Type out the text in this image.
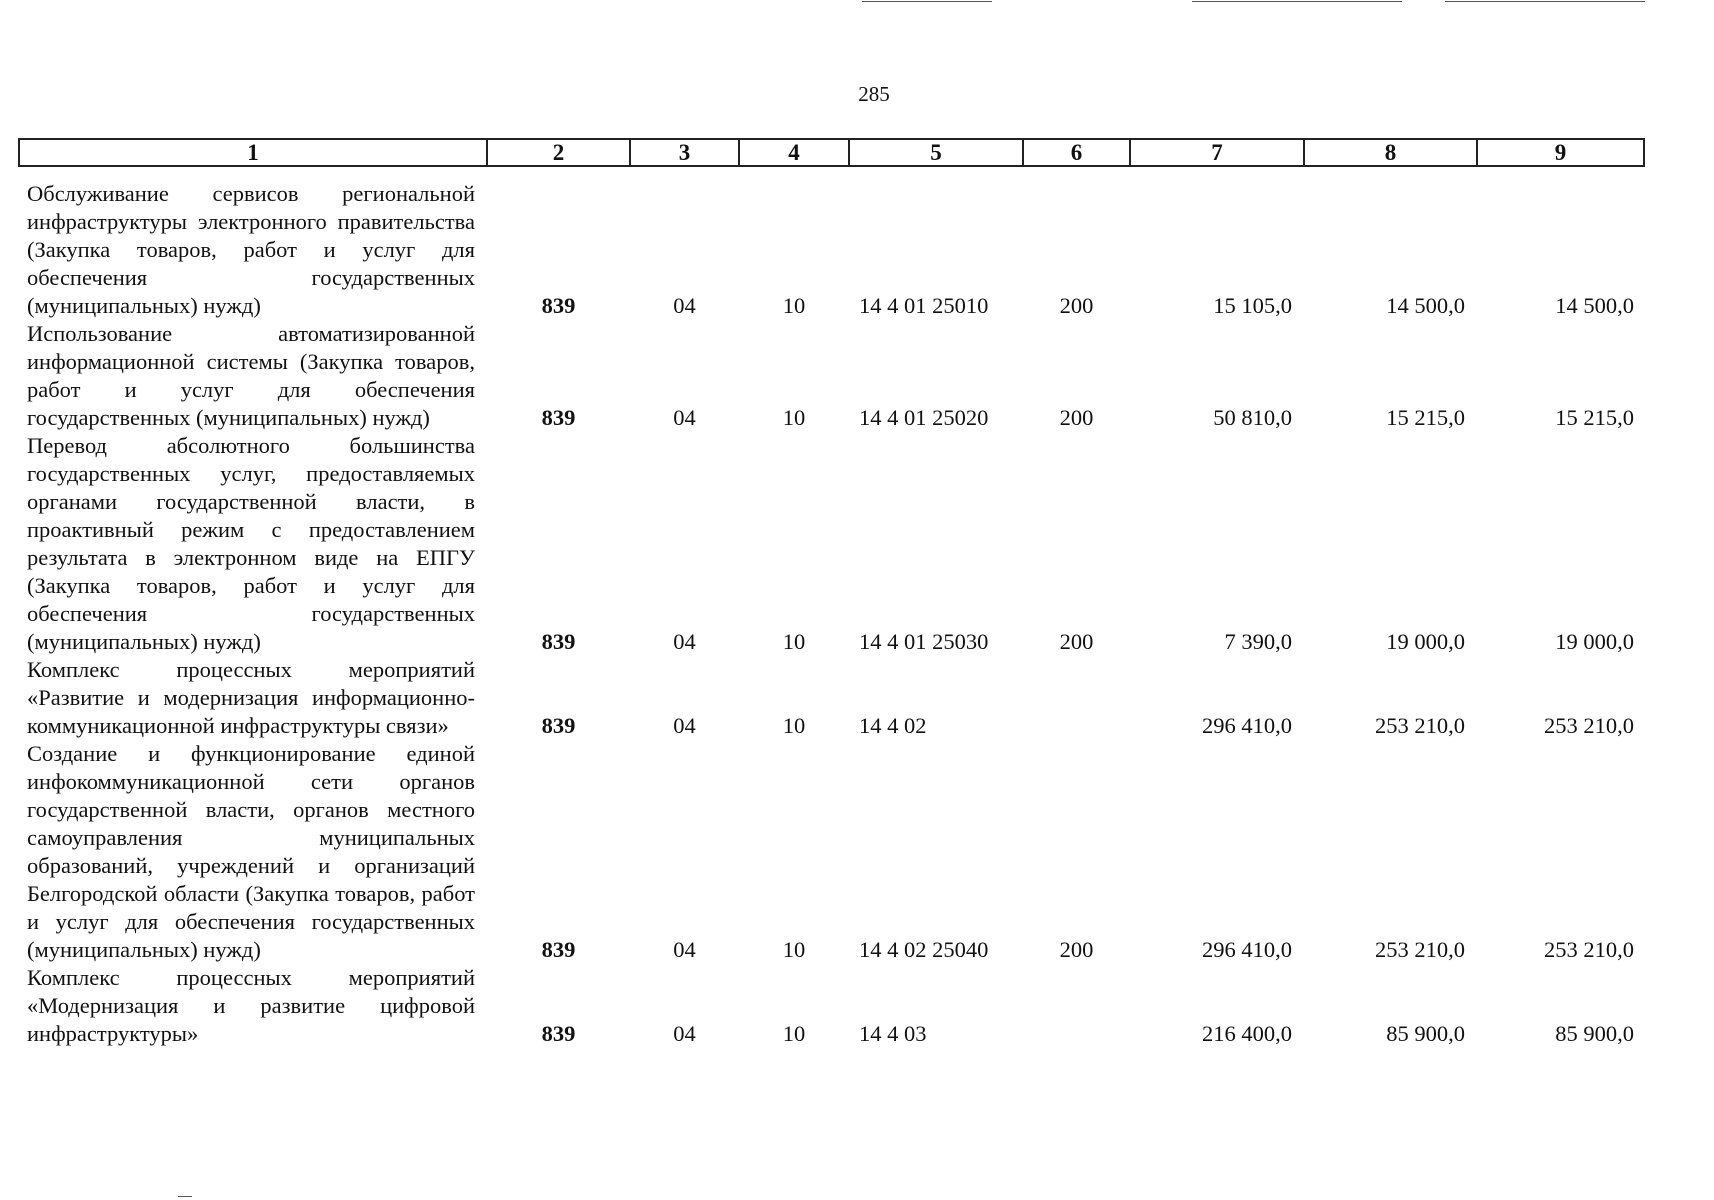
285
1	2	3	4	5	6	7	8	9
Обслуживание сервисов региональной инфраструктуры электронного правительства (Закупка товаров, работ и услуг для обеспечения государственных (муниципальных) нужд)	839	04	10	14 4 01 25010	200	15 105,0	14 500,0	14 500,0
Использование автоматизированной информационной системы (Закупка товаров, работ и услуг для обеспечения государственных (муниципальных) нужд)	839	04	10	14 4 01 25020	200	50 810,0	15 215,0	15 215,0
Перевод абсолютного большинства государственных услуг, предоставляемых органами государственной власти, в проактивный режим с предоставлением результата в электронном виде на ЕПГУ (Закупка товаров, работ и услуг для обеспечения государственных (муниципальных) нужд)	839	04	10	14 4 01 25030	200	7 390,0	19 000,0	19 000,0
Комплекс процессных мероприятий «Развитие и модернизация информационно-коммуникационной инфраструктуры связи»	839	04	10	14 4 02		296 410,0	253 210,0	253 210,0
Создание и функционирование единой инфокоммуникационной сети органов государственной власти, органов местного самоуправления муниципальных образований, учреждений и организаций Белгородской области (Закупка товаров, работ и услуг для обеспечения государственных (муниципальных) нужд)	839	04	10	14 4 02 25040	200	296 410,0	253 210,0	253 210,0
Комплекс процессных мероприятий «Модернизация и развитие цифровой инфраструктуры»	839	04	10	14 4 03		216 400,0	85 900,0	85 900,0
